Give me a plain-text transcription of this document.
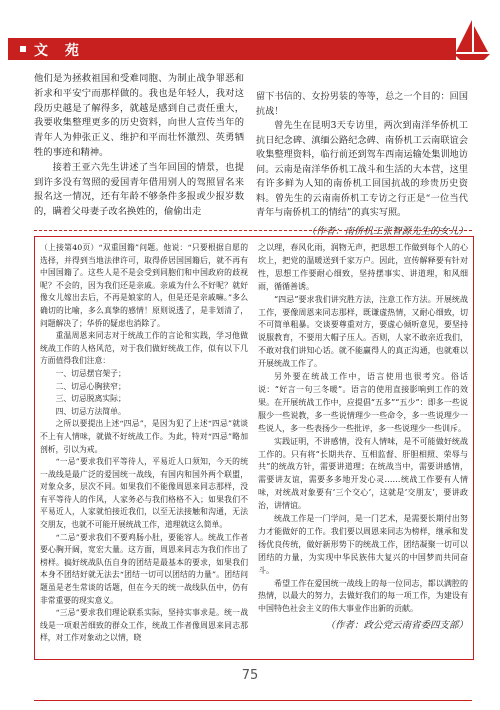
文 苑

他们是为拯救祖国和受难同胞、为制止战争罪恶和祈求和平安宁而那样做的。我也是年轻人，我对这段历史越是了解得多，就越是感到自己责任重大，我要收集整理更多的历史资料，向世人宣传当年的青年人为伸张正义、维护和平而壮怀激烈、英勇牺牲的事迹和精神。

接着王亚六先生讲述了当年回国的情景，也提到许多没有驾照的爱国青年借用别人的驾照冒名来报名这一情况，还有年龄不够条件多报或少报岁数的，瞒着父母妻子改名换姓的，偷偷出走

留下书信的、女扮男装的等等，总之一个目的：回国抗战！

曾先生在昆明3天专访里，两次到南洋华侨机工抗日纪念碑、滇缅公路纪念碑、南侨机工云南联谊会收集整理资料，临行前还到驾车西南运输处集训地访问。云南是南洋华侨机工战斗和生活的大本营，这里有许多鲜为人知的南侨机工回国抗战的珍贵历史资料。曾先生的云南南侨机工专访之行正是“一位当代青年与南侨机工的情结”的真实写照。

（作者：南侨机工张智源先生的女儿）

（上接第40页）“双重国籍”问题。他说：“只要根据自愿的选择，并得到当地法律许可，取得侨居国国籍后，就不再有中国国籍了。这些人是不是会受到同胞们和中国政府的歧视呢？不会的，因为我们还是亲戚。亲戚为什么不好呢？就好像女儿嫁出去后，不再是娘家的人，但是还是亲戚嘛。”多么确切的比喻，多么真挚的感情！原则说透了，是非划清了，问题解决了；华侨的疑虑也消除了。

重温周恩来同志对于统战工作的言论和实践，学习他做统战工作的人格风范，对于我们做好统战工作，似有以下几方面值得我们注意：

一、切忌摆官架子；

二、切忌心胸狭窄；

三、切忌脱离实际；

四、切忌方法简单。

之所以要提出上述“四忌”，是因为犯了上述“四忌”就谈不上有人情味，就做不好统战工作。为此，特对“四忌”略加剖析，引以为戒。

“一忌”要求我们平等待人，平易近人口须知，今天的统一战线是最广泛的爱国统一战线，有国内和国外两个联盟，对象众多，层次不同。如果我们不能像周恩来同志那样，没有平等待人的作风，人家务必与我们格格不入；如果我们不平易近人，人家就怕接近我们，以至无法接触和沟通，无法交朋友，也就不可能开展统战工作，道理就这么简单。

“二忌”要求我们不要鸡肠小肚，要能容人。统战工作者要心胸开阔，宽宏大量。这方面，周恩来同志为我们作出了榜样。搞好统战队伍自身的团结是最基本的要求，如果我们本身不团结好就无法去“团结一切可以团结的力量”。团结问题虽是老生常谈的话题，但在今天的统一战线队伍中，仍有非常重要的现实意义。

“三忌”要求我们理论联系实际，坚持实事求是。统一战线是一项艰苦细致的群众工作，统战工作者像周恩来同志那样，对工作对象动之以情，晓

之以理，春风化雨，润物无声，把思想工作做到每个人的心坎上，把党的温暖送到千家万户。因此，宣传解释要有针对性，思想工作要耐心细致，坚持摆事实、讲道理，和风细雨，循循善诱。

“四忌”要求我们讲究胜方法，注意工作方法。开展统战工作，要像周恩来同志那样，既谦虚热情，又耐心细致，切不可简单粗暴。交谈要尊重对方，要虚心倾听意见，要坚持说服教育，不要用大帽子压人。否则，人家不敢亲近我们，不敢对我们讲知心话。就不能赢得人的真正沟通，也就难以开展统战工作了。

另外要在统战工作中，语言使用也很考究。俗话说：“好言一句三冬暖”。语言的使用直接影响到工作的效果。在开展统战工作中，应提倡“五多”“五少”：即多一些说服少一些说教，多一些说情理少一些命令，多一些说理少一些说人，多一些表扬少一些批评，多一些说理少一些训斥。

实践证明，不讲感情，没有人情味，是不可能做好统战工作的。只有将“长期共存、互相监督、肝胆相照、荣辱与共”的统战方针，需要讲道理；在统战当中，需要讲感情，需要讲友谊，需要多多地开发心灵……统战工作要有人情味，对统战对象要有‘三个交心’，这就是‘交朋友’，要讲政治，讲情谊。

统战工作是一门学问，是一门艺术，是需要长期付出努力才能做好的工作。我们要以周恩来同志为榜样，继承和发扬优良传统，做好新形势下的统战工作，团结凝聚一切可以团结的力量，为实现中华民族伟大复兴的中国梦而共同奋斗。

希望工作在爱国统一战线上的每一位同志，都以满腔的热情，以最大的努力，去做好我们的每一项工作，为建设有中国特色社会主义的伟大事业作出新的贡献。

（作者：政公党云南省委四支部）

75
